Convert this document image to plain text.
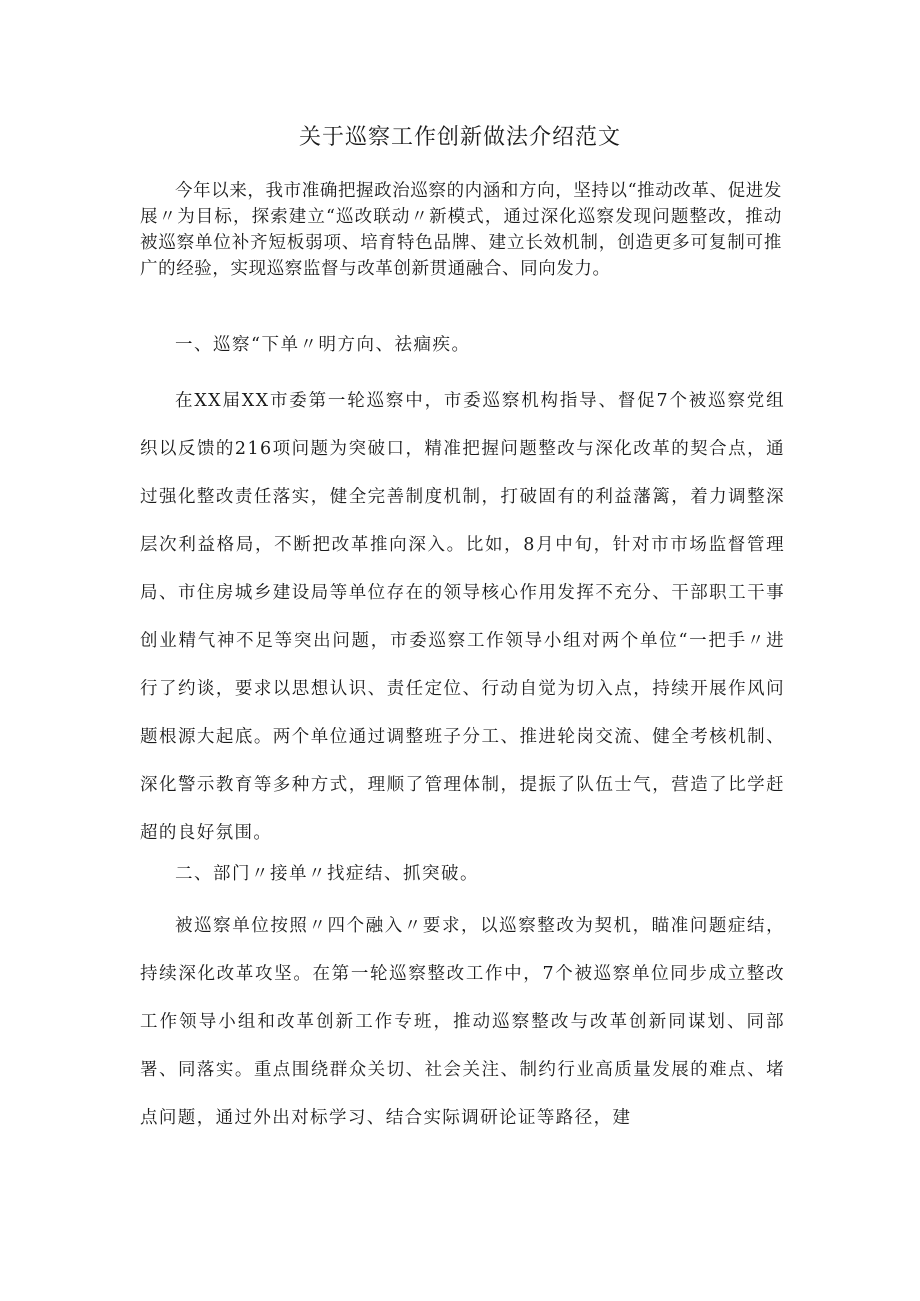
关于巡察工作创新做法介绍范文

今年以来，我市准确把握政治巡察的内涵和方向，坚持以“推动改革、促进发展〃为目标，探索建立“巡改联动〃新模式，通过深化巡察发现问题整改，推动被巡察单位补齐短板弱项、培育特色品牌、建立长效机制，创造更多可复制可推广的经验，实现巡察监督与改革创新贯通融合、同向发力。

一、巡察“下单〃明方向、祛痼疾。

在XX届XX市委第一轮巡察中，市委巡察机构指导、督促7个被巡察党组织以反馈的216项问题为突破口，精准把握问题整改与深化改革的契合点，通过强化整改责任落实，健全完善制度机制，打破固有的利益藩篱，着力调整深层次利益格局，不断把改革推向深入。比如，8月中旬，针对市市场监督管理局、市住房城乡建设局等单位存在的领导核心作用发挥不充分、干部职工干事创业精气神不足等突出问题，市委巡察工作领导小组对两个单位“一把手〃进行了约谈，要求以思想认识、责任定位、行动自觉为切入点，持续开展作风问题根源大起底。两个单位通过调整班子分工、推进轮岗交流、健全考核机制、深化警示教育等多种方式，理顺了管理体制，提振了队伍士气，营造了比学赶超的良好氛围。

二、部门〃接单〃找症结、抓突破。

被巡察单位按照〃四个融入〃要求，以巡察整改为契机，瞄准问题症结，持续深化改革攻坚。在第一轮巡察整改工作中，7个被巡察单位同步成立整改工作领导小组和改革创新工作专班，推动巡察整改与改革创新同谋划、同部署、同落实。重点围绕群众关切、社会关注、制约行业高质量发展的难点、堵点问题，通过外出对标学习、结合实际调研论证等路径，建
